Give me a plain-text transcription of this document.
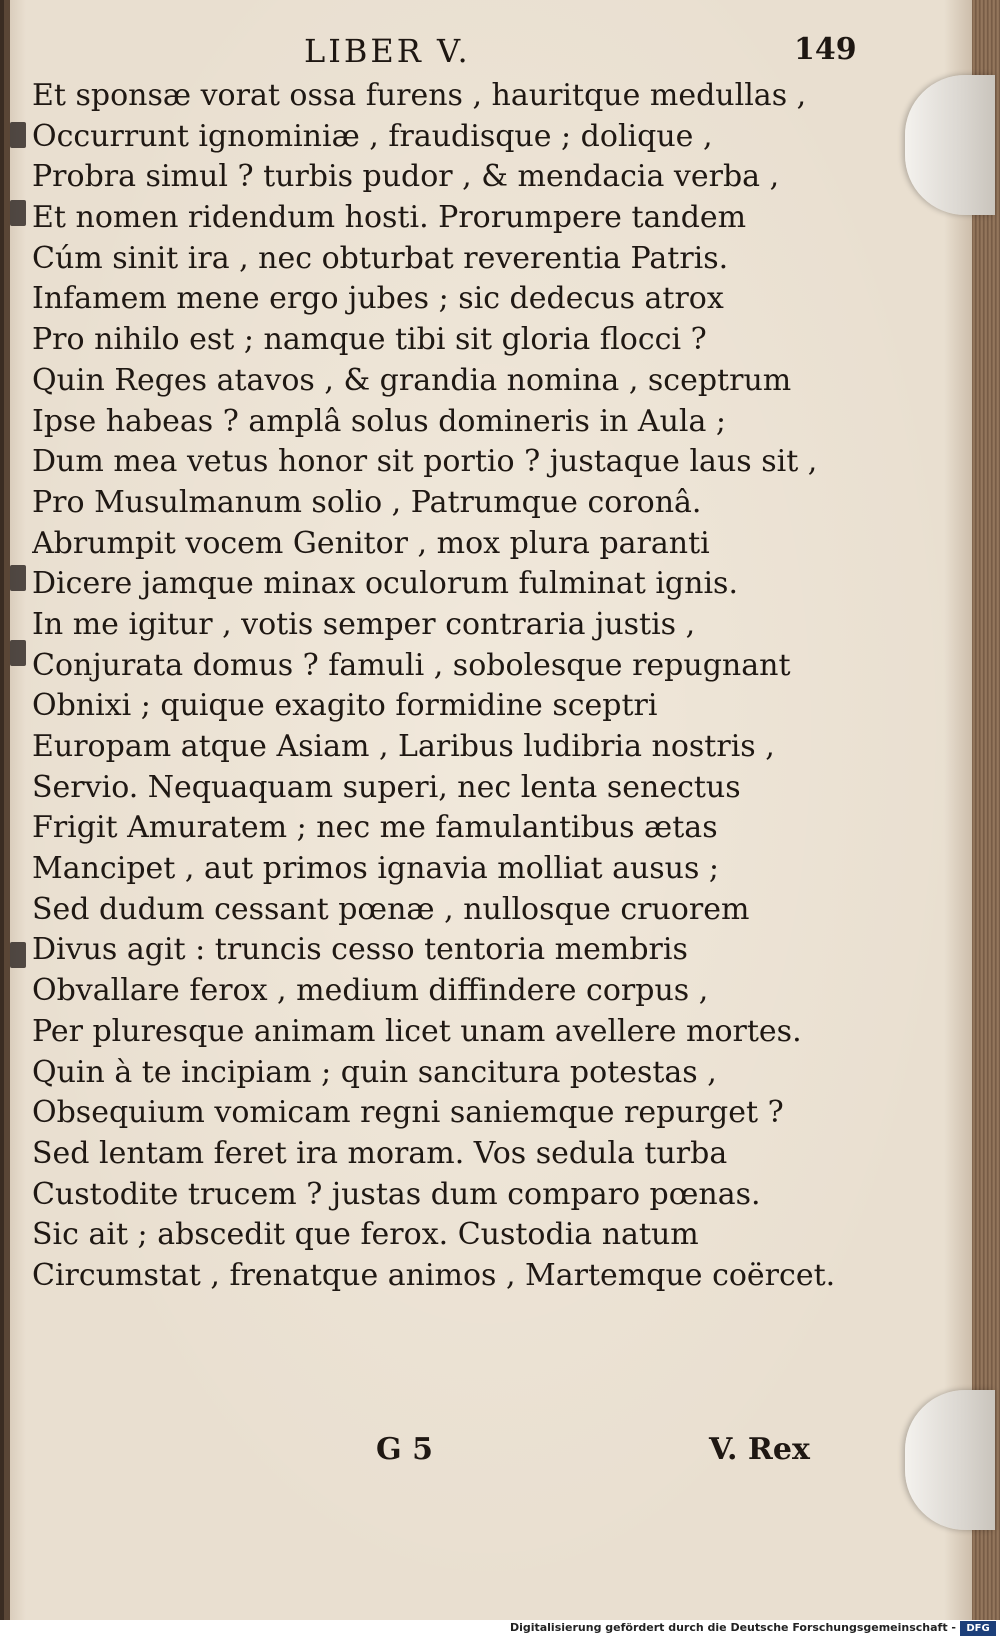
LIBER V.	149
Et sponsæ vorat ossa furens , hauritque medullas ,
Occurrunt ignominiæ , fraudisque ; dolique ,
Probra simul ? turbis pudor , & mendacia verba ,
Et nomen ridendum hosti. Prorumpere tandem
Cúm sinit ira , nec obturbat reverentia Patris.
Infamem mene ergo jubes ; sic dedecus atrox
Pro nihilo est ; namque tibi sit gloria flocci ?
Quin Reges atavos , & grandia nomina , sceptrum
Ipse habeas ? amplâ solus domineris in Aula ;
Dum mea vetus honor sit portio ? justaque laus sit ,
Pro Musulmanum solio , Patrumque coronâ.
Abrumpit vocem Genitor , mox plura paranti
Dicere jamque minax oculorum fulminat ignis.
In me igitur , votis semper contraria justis ,
Conjurata domus ? famuli , sobolesque repugnant
Obnixi ; quique exagito formidine sceptri
Europam atque Asiam , Laribus ludibria nostris ,
Servio. Nequaquam superi, nec lenta senectus
Frigit Amuratem ; nec me famulantibus ætas
Mancipet , aut primos ignavia molliat ausus ;
Sed dudum cessant pœnæ , nullosque cruorem
Divus agit : truncis cesso tentoria membris
Obvallare ferox , medium diffindere corpus ,
Per pluresque animam licet unam avellere mortes.
Quin à te incipiam ; quin sancitura potestas ,
Obsequium vomicam regni saniemque repurget ?
Sed lentam feret ira moram. Vos sedula turba
Custodite trucem ? justas dum comparo pœnas.
Sic ait ; abscedit que ferox. Custodia natum
Circumstat , frenatque animos , Martemque coërcet.
G 5	V. Rex
Digitalisierung gefördert durch die Deutsche Forschungsgemeinschaft -	DFG
